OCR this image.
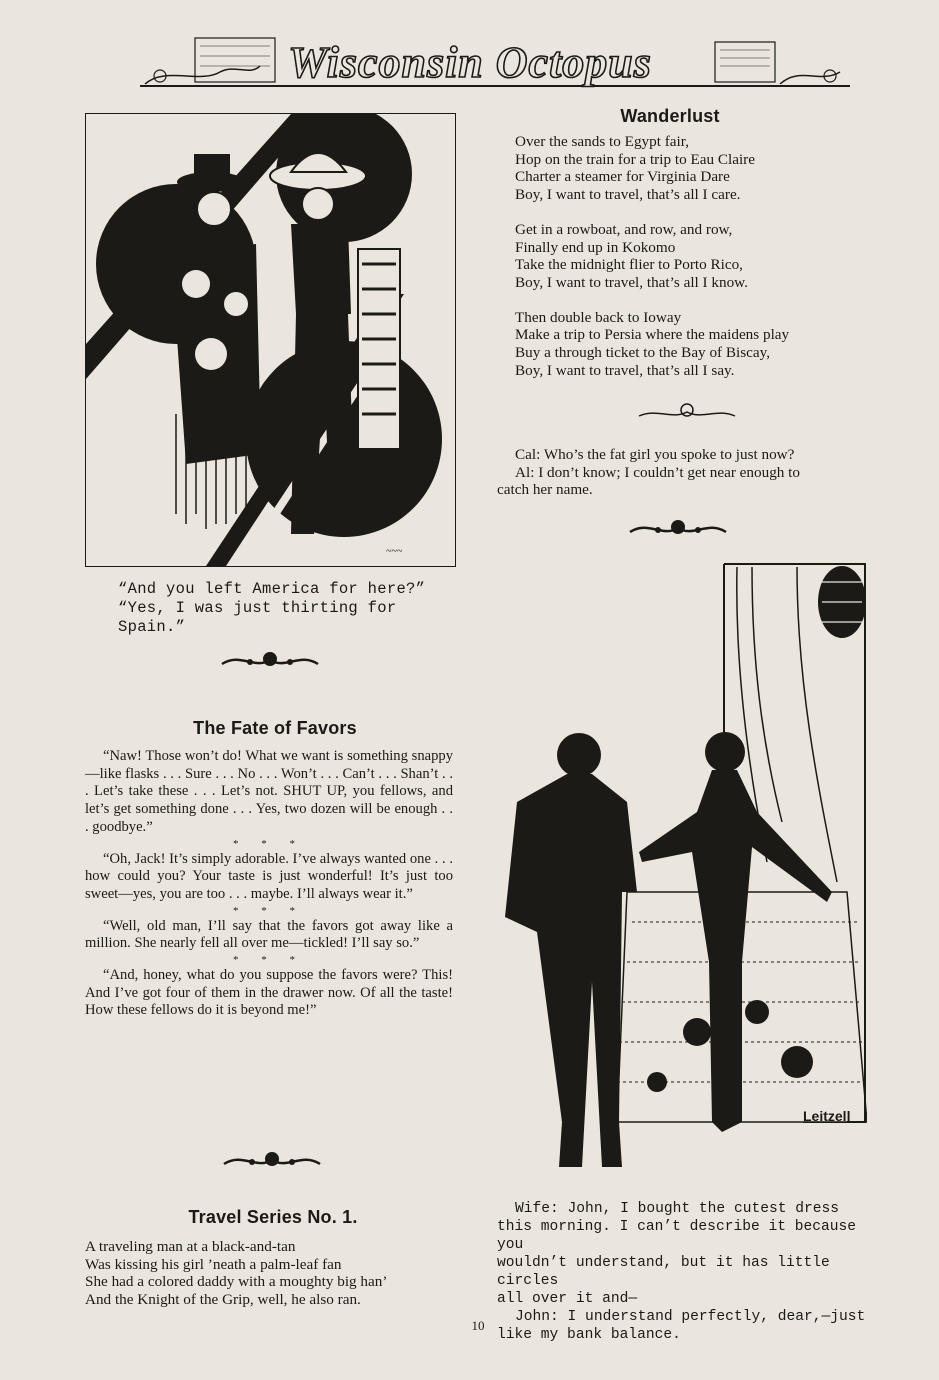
Wisconsin Octopus
~~~
“And you left America for here?”
“Yes, I was just thirting for Spain.”
Wanderlust

Over the sands to Egypt fair,

Hop on the train for a trip to Eau Claire

Charter a steamer for Virginia Dare

Boy, I want to travel, that’s all I care.

Get in a rowboat, and row, and row,

Finally end up in Kokomo

Take the midnight flier to Porto Rico,

Boy, I want to travel, that’s all I know.

Then double back to Ioway

Make a trip to Persia where the maidens play

Buy a through ticket to the Bay of Biscay,

Boy, I want to travel, that’s all I say.

Cal: Who’s the fat girl you spoke to just now?

Al: I don’t know; I couldn’t get near enough to

catch her name.

The Fate of Favors

“Naw! Those won’t do! What we want is something snappy—like flasks . . . Sure . . . No . . . Won’t . . . Can’t . . . Shan’t . . . Let’s take these . . . Let’s not. SHUT UP, you fellows, and let’s get something done . . . Yes, two dozen will be enough . . . goodbye.”

* * *

“Oh, Jack! It’s simply adorable. I’ve always wanted one . . . how could you? Your taste is just wonderful! It’s just too sweet—yes, you are too . . . maybe. I’ll always wear it.”

* * *

“Well, old man, I’ll say that the favors got away like a million. She nearly fell all over me—tickled! I’ll say so.”

* * *

“And, honey, what do you suppose the favors were? This! And I’ve got four of them in the drawer now. Of all the taste! How these fellows do it is beyond me!”

Travel Series No. 1.

A traveling man at a black-and-tan

Was kissing his girl ’neath a palm-leaf fan

She had a colored daddy with a moughty big han’

And the Knight of the Grip, well, he also ran.

Leitzell

Wife: John, I bought the cutest dress

this morning. I can’t describe it because you

wouldn’t understand, but it has little circles

all over it and—

John: I understand perfectly, dear,—just

like my bank balance.

10
